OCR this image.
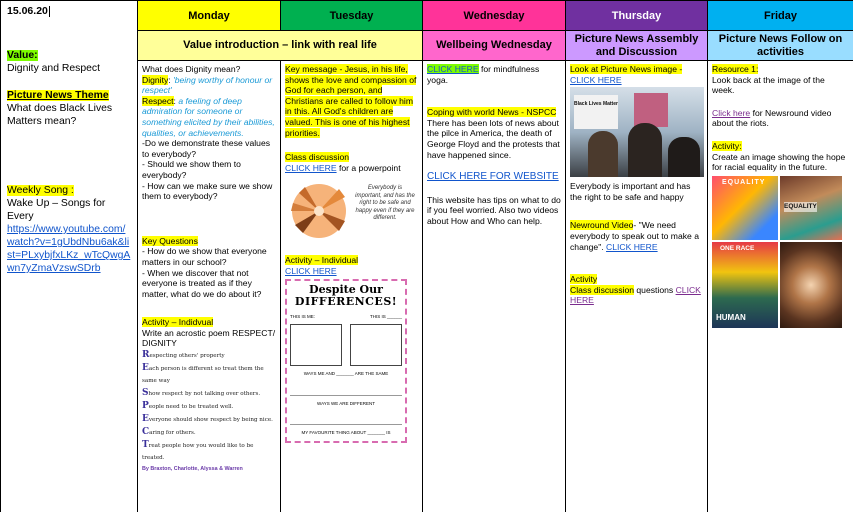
15.06.20
Value:
Dignity and Respect
Picture News Theme
What does Black Lives Matters mean?
Weekly Song :
Wake Up – Songs for Every
https://www.youtube.com/watch?v=1gUbdNbu6ak&list=PLxybjfxLKz_wTcQwgAwn7yZmaVzswSDrb
Monday
What does Dignity mean?
Dignity: 'being worthy of honour or respect'
Respect: a feeling of deep admiration for someone or something elicited by their abilities, qualities, or achievements.
-Do we demonstrate these values to everybody?
- Should we show them to everybody?
- How can we make sure we show them to everybody?
Key Questions
- How do we show that everyone matters in our school?
- When we discover that not everyone is treated as if they matter, what do we do about it?
Activity – Indidvual
Write an acrostic poem RESPECT/ DIGNITY
Respecting others' property
Each person is different so treat them the same way
Show respect by not talking over others.
People need to be treated well.
Everyone should show respect by being nice.
Caring for others.
Treat people how you would like to be treated.
By Braxton, Charlotte, Alyssa & Warren
Tuesday
Key message - Jesus, in his life, shows the love and compassion of God for each person, and Christians are called to follow him in this. All God's children are valued. This is one of his highest priorities.
Class discussion
CLICK HERE for a powerpoint
Everybody is important, and has the right to be safe and happy even if they are different.
Activity – Individual
CLICK HERE
Despite Our
DIFFERENCES!
THIS IS ME:	THIS IS ______
WAYS ME AND _______ ARE THE SAME
WAYS WE ARE DIFFERENT
MY FAVOURITE THING ABOUT _______ IS
Value introduction – link with real life
Wednesday
Wellbeing Wednesday
CLICK HERE for mindfulness yoga.
Coping with world News - NSPCC
There has been lots of news about the pilce in America, the death of George Floyd and the protests that have happened since.
CLICK HERE FOR WEBSITE
This website has tips on what to do if you feel worried. Also two videos about How and Who can help.
Thursday
Picture News Assembly and Discussion
Look at Picture News image -
CLICK HERE
Black Lives Matter
Everybody is important and has the right to be safe and happy
Newround Video- "We need everybody to speak out to make a change". CLICK HERE
Activity
Class discussion questions CLICK HERE
Friday
Picture News Follow on activities
Resource 1:
Look back at the image of the week.
Click here for Newsround video about the riots.
Activity:
Create an image showing the hope for racial equality in the future.
EQUALITY
EQUALITY
ONE RACE
HUMAN
